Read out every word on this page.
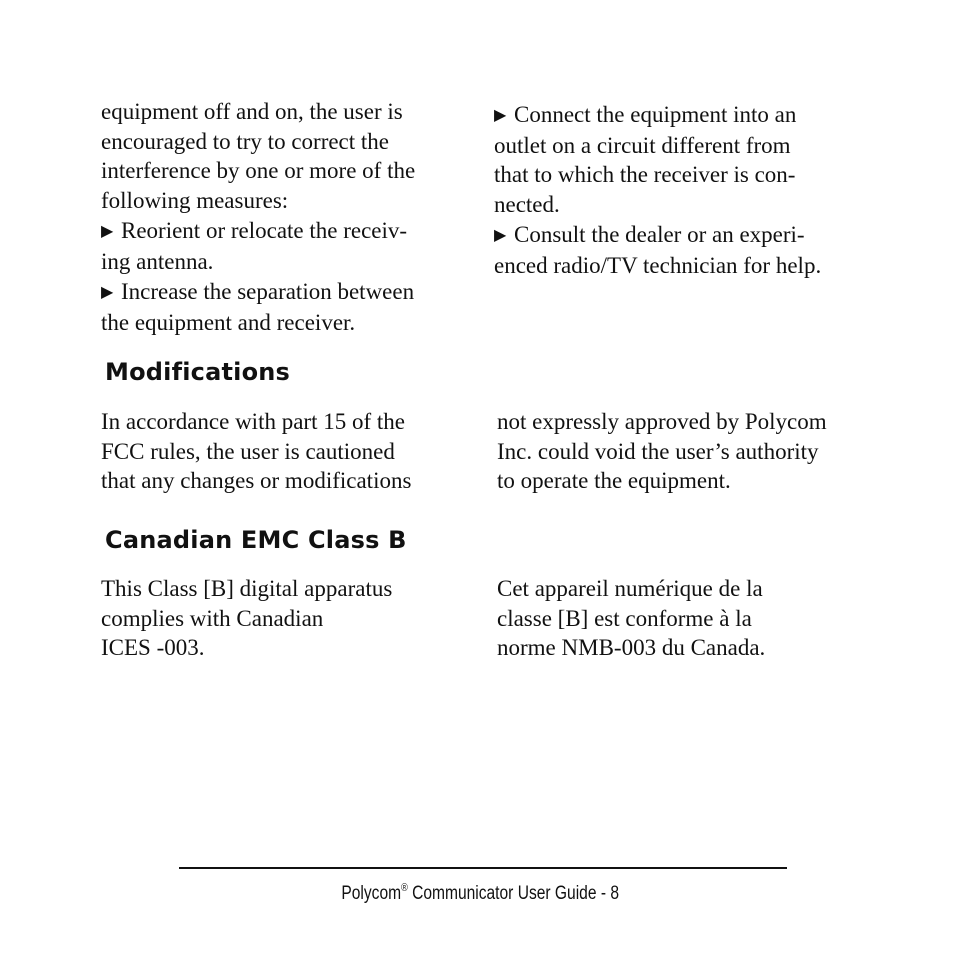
equipment off and on, the user is
encouraged to try to correct the
interference by one or more of the
following measures:

▶ Reorient or relocate the receiv-
ing antenna.

▶ Increase the separation between
the equipment and receiver.

▶ Connect the equipment into an
outlet on a circuit different from
that to which the receiver is con-
nected.

▶ Consult the dealer or an experi-
enced radio/TV technician for help.

Modifications

In accordance with part 15 of the
FCC rules, the user is cautioned
that any changes or modifications

not expressly approved by Polycom
Inc. could void the user’s authority
to operate the equipment.

Canadian EMC Class B

This Class [B] digital apparatus
complies with Canadian
ICES -003.

Cet appareil numérique de la
classe [B] est conforme à la
norme NMB-003 du Canada.

Polycom® Communicator User Guide - 8
